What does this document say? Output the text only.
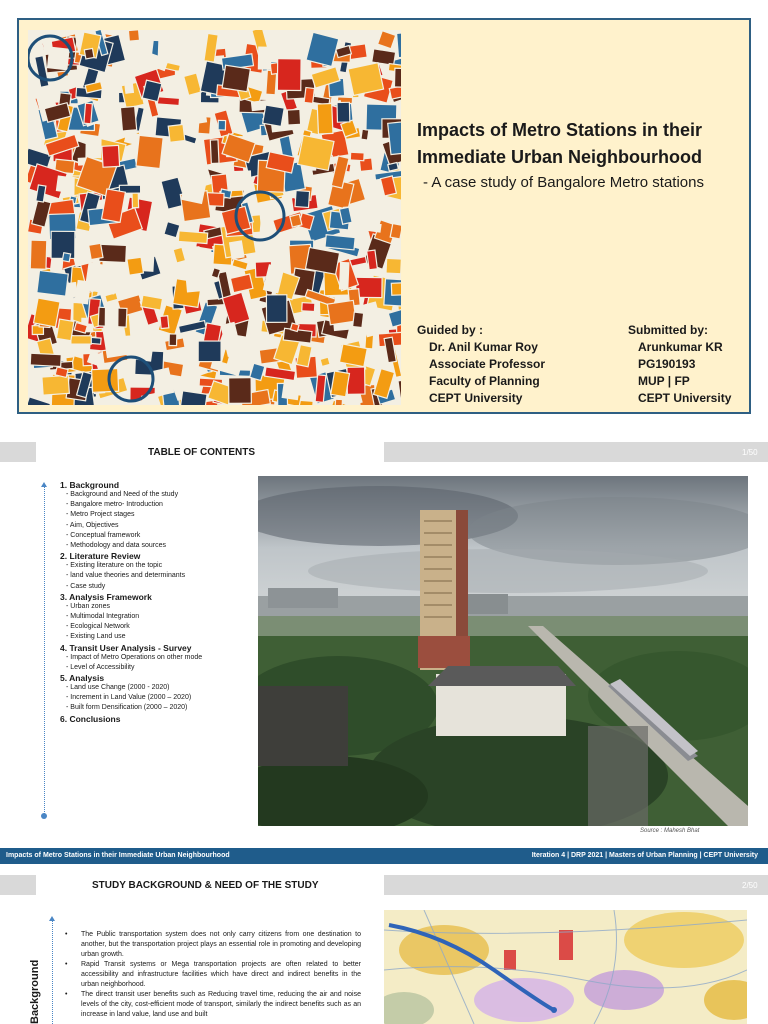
Impacts of Metro Stations in their
Immediate Urban Neighbourhood
- A case study of Bangalore Metro stations
Guided by :
Dr. Anil Kumar Roy
Associate Professor
Faculty of Planning
CEPT University
Submitted by:
Arunkumar KR
PG190193
MUP | FP
CEPT University
TABLE OF CONTENTS	1/50
1. Background
- Background and Need of the study
- Bangalore metro- Introduction
- Metro Project stages
- Aim, Objectives
- Conceptual framework
- Methodology and data sources
2. Literature Review
- Existing literature on the topic
- land value theories and determinants
- Case study
3. Analysis Framework
- Urban zones
- Multimodal Integration
- Ecological Network
- Existing Land use
4. Transit User Analysis - Survey
- Impact of Metro Operations on other mode
- Level of Accessibility
5. Analysis
- Land use Change (2000 - 2020)
- Increment in Land Value (2000 – 2020)
- Built form Densification (2000 – 2020)
6. Conclusions
Source : Mahesh Bhat
Impacts of Metro Stations in their Immediate Urban Neighbourhood	Iteration 4 | DRP 2021 | Masters of Urban Planning | CEPT University
STUDY BACKGROUND & NEED OF THE STUDY	2/50
Background
• The Public transportation system does not only carry citizens from one destination to another, but the transportation project plays an essential role in promoting and developing urban growth.
• Rapid Transit systems or Mega transportation projects are often related to better accessibility and infrastructure facilities which have direct and indirect benefits in the urban neighborhood.
• The direct transit user benefits such as Reducing travel time, reducing the air and noise levels of the city, cost-efficient mode of transport, similarly the indirect benefits such as an increase in land value, land use and built
